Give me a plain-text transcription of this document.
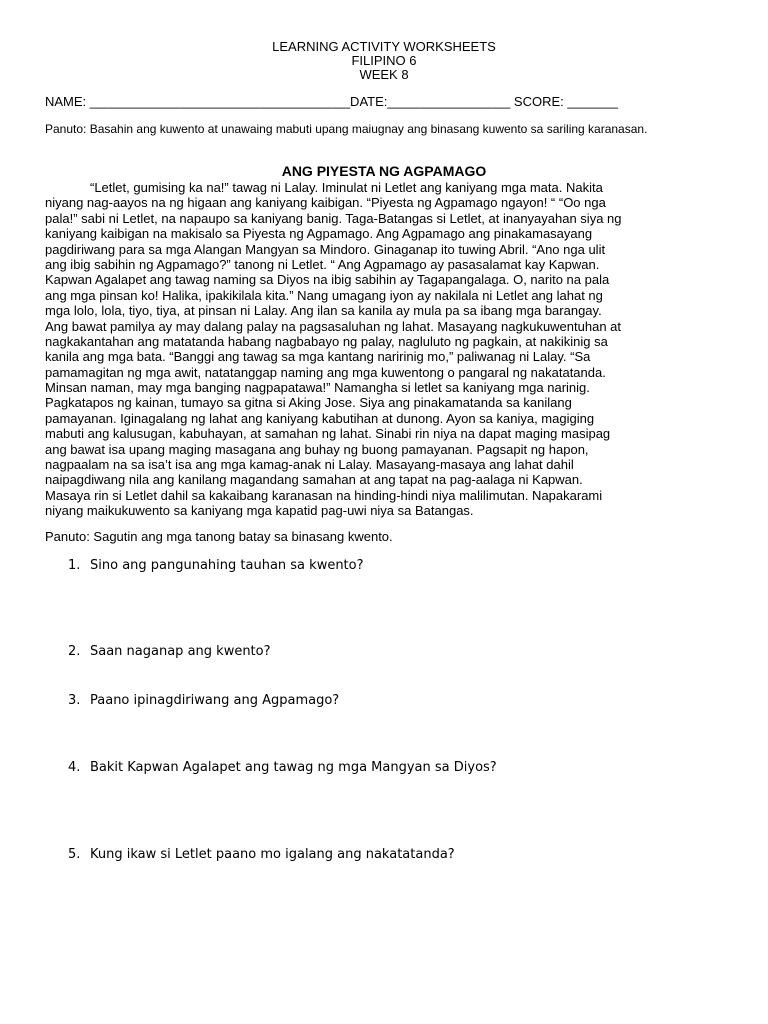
LEARNING ACTIVITY WORKSHEETS
FILIPINO 6
WEEK 8
NAME: ____________________________________DATE:_________________ SCORE: _______
Panuto: Basahin ang kuwento at unawaing mabuti upang maiugnay ang binasang kuwento sa sariling karanasan.
ANG PIYESTA NG AGPAMAGO
“Letlet, gumising ka na!” tawag ni Lalay. Iminulat ni Letlet ang kaniyang mga mata. Nakita
niyang nag-aayos na ng higaan ang kaniyang kaibigan. “Piyesta ng Agpamago ngayon! “ “Oo nga
pala!” sabi ni Letlet, na napaupo sa kaniyang banig. Taga-Batangas si Letlet, at inanyayahan siya ng
kaniyang kaibigan na makisalo sa Piyesta ng Agpamago. Ang Agpamago ang pinakamasayang
pagdiriwang para sa mga Alangan Mangyan sa Mindoro. Ginaganap ito tuwing Abril. “Ano nga ulit
ang ibig sabihin ng Agpamago?” tanong ni Letlet. “ Ang Agpamago ay pasasalamat kay Kapwan.
Kapwan Agalapet ang tawag naming sa Diyos na ibig sabihin ay Tagapangalaga. O, narito na pala
ang mga pinsan ko! Halika, ipakikilala kita.” Nang umagang iyon ay nakilala ni Letlet ang lahat ng
mga lolo, lola, tiyo, tiya, at pinsan ni Lalay. Ang ilan sa kanila ay mula pa sa ibang mga barangay.
Ang bawat pamilya ay may dalang palay na pagsasaluhan ng lahat. Masayang nagkukuwentuhan at
nagkakantahan ang matatanda habang nagbabayo ng palay, nagluluto ng pagkain, at nakikinig sa
kanila ang mga bata. “Banggi ang tawag sa mga kantang naririnig mo,” paliwanag ni Lalay. “Sa
pamamagitan ng mga awit, natatanggap naming ang mga kuwentong o pangaral ng nakatatanda.
Minsan naman, may mga banging nagpapatawa!” Namangha si letlet sa kaniyang mga narinig.
Pagkatapos ng kainan, tumayo sa gitna si Aking Jose. Siya ang pinakamatanda sa kanilang
pamayanan. Iginagalang ng lahat ang kaniyang kabutihan at dunong. Ayon sa kaniya, magiging
mabuti ang kalusugan, kabuhayan, at samahan ng lahat. Sinabi rin niya na dapat maging masipag
ang bawat isa upang maging masagana ang buhay ng buong pamayanan. Pagsapit ng hapon,
nagpaalam na sa isa’t isa ang mga kamag-anak ni Lalay. Masayang-masaya ang lahat dahil
naipagdiwang nila ang kanilang magandang samahan at ang tapat na pag-aalaga ni Kapwan.
Masaya rin si Letlet dahil sa kakaibang karanasan na hinding-hindi niya malilimutan. Napakarami
niyang maikukuwento sa kaniyang mga kapatid pag-uwi niya sa Batangas.
Panuto: Sagutin ang mga tanong batay sa binasang kwento.
1. Sino ang pangunahing tauhan sa kwento?
2. Saan naganap ang kwento?
3. Paano ipinagdiriwang ang Agpamago?
4. Bakit Kapwan Agalapet ang tawag ng mga Mangyan sa Diyos?
5. Kung ikaw si Letlet paano mo igalang ang nakatatanda?
